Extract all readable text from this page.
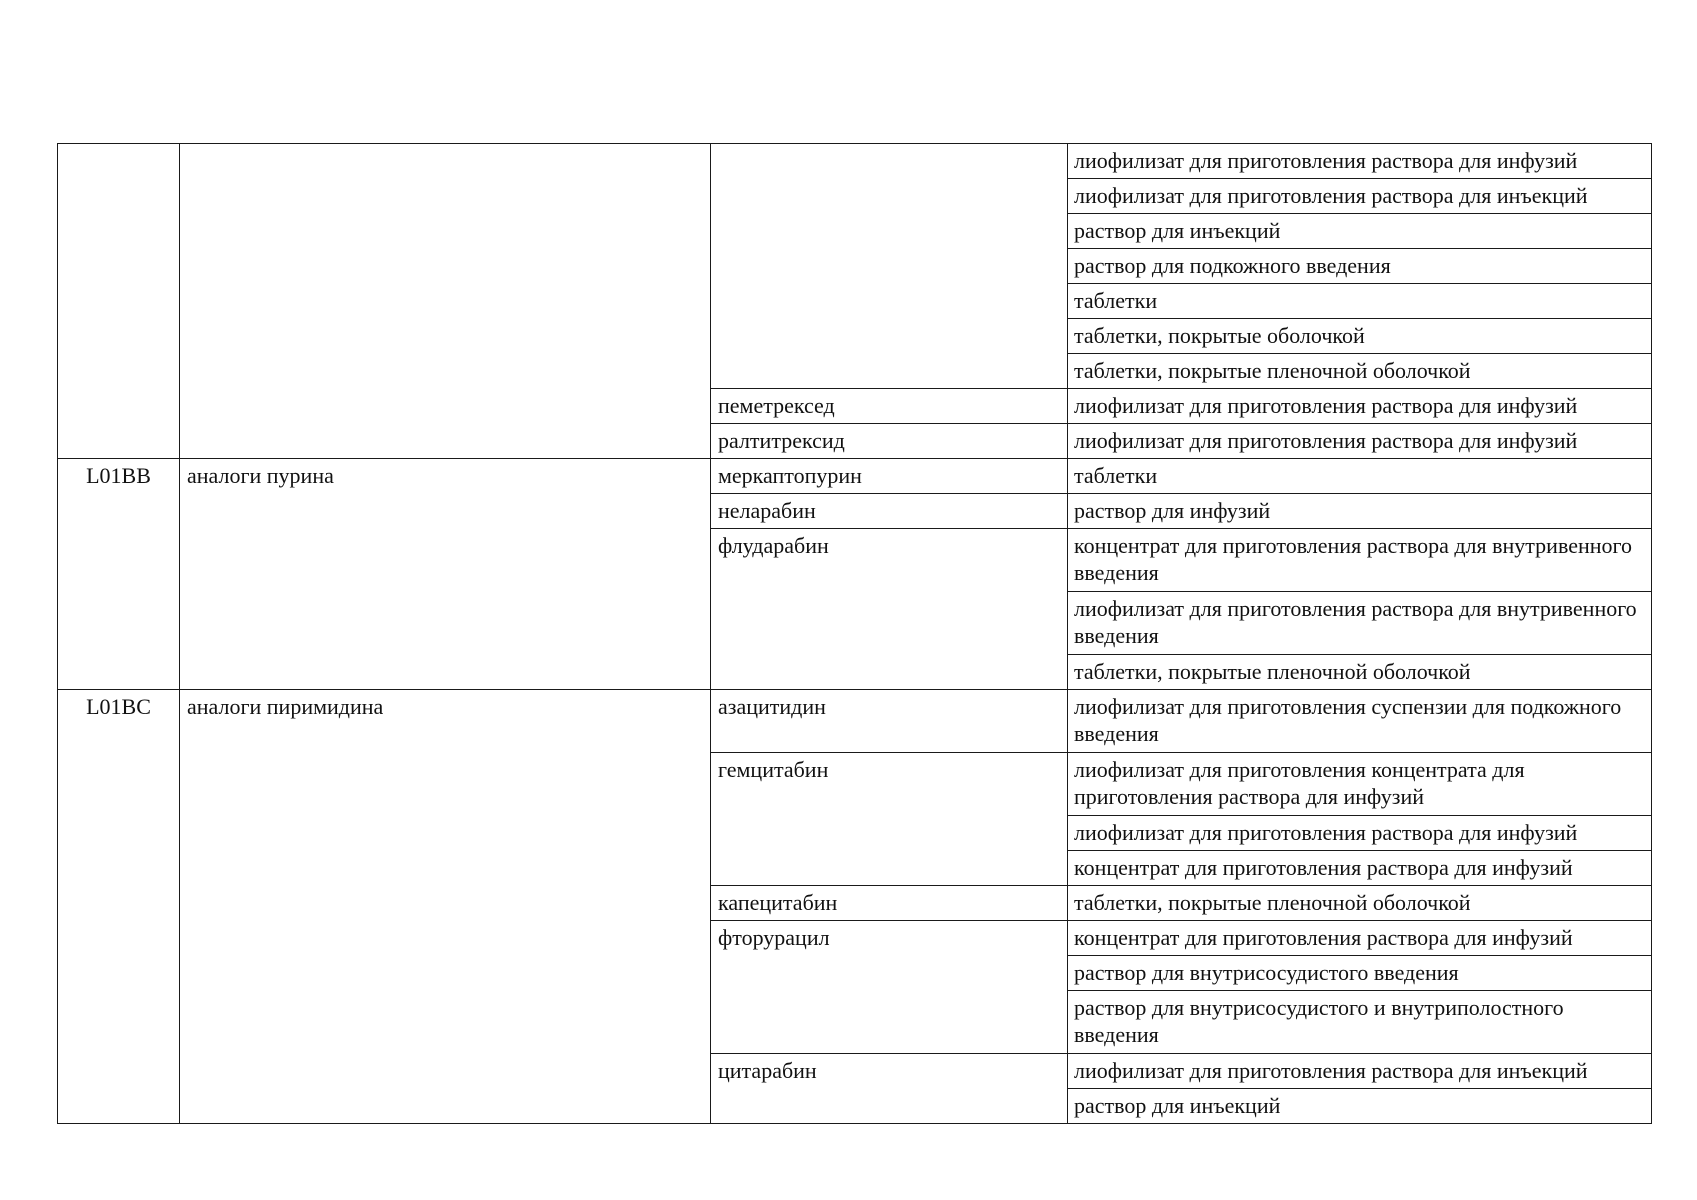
			лиофилизат для приготовления раствора для инфузий
			лиофилизат для приготовления раствора для инъекций
			раствор для инъекций
			раствор для подкожного введения
			таблетки
			таблетки, покрытые оболочкой
			таблетки, покрытые пленочной оболочкой
		пеметрексед	лиофилизат для приготовления раствора для инфузий
		ралтитрексид	лиофилизат для приготовления раствора для инфузий
L01BB	аналоги пурина	меркаптопурин	таблетки
		неларабин	раствор для инфузий
		флударабин	концентрат для приготовления раствора для внутривенного введения
			лиофилизат для приготовления раствора для внутривенного введения
			таблетки, покрытые пленочной оболочкой
L01BC	аналоги пиримидина	азацитидин	лиофилизат для приготовления суспензии для подкожного введения
		гемцитабин	лиофилизат для приготовления концентрата для приготовления раствора для инфузий
			лиофилизат для приготовления раствора для инфузий
			концентрат для приготовления раствора для инфузий
		капецитабин	таблетки, покрытые пленочной оболочкой
		фторурацил	концентрат для приготовления раствора для инфузий
			раствор для внутрисосудистого введения
			раствор для внутрисосудистого и внутриполостного введения
		цитарабин	лиофилизат для приготовления раствора для инъекций
			раствор для инъекций
